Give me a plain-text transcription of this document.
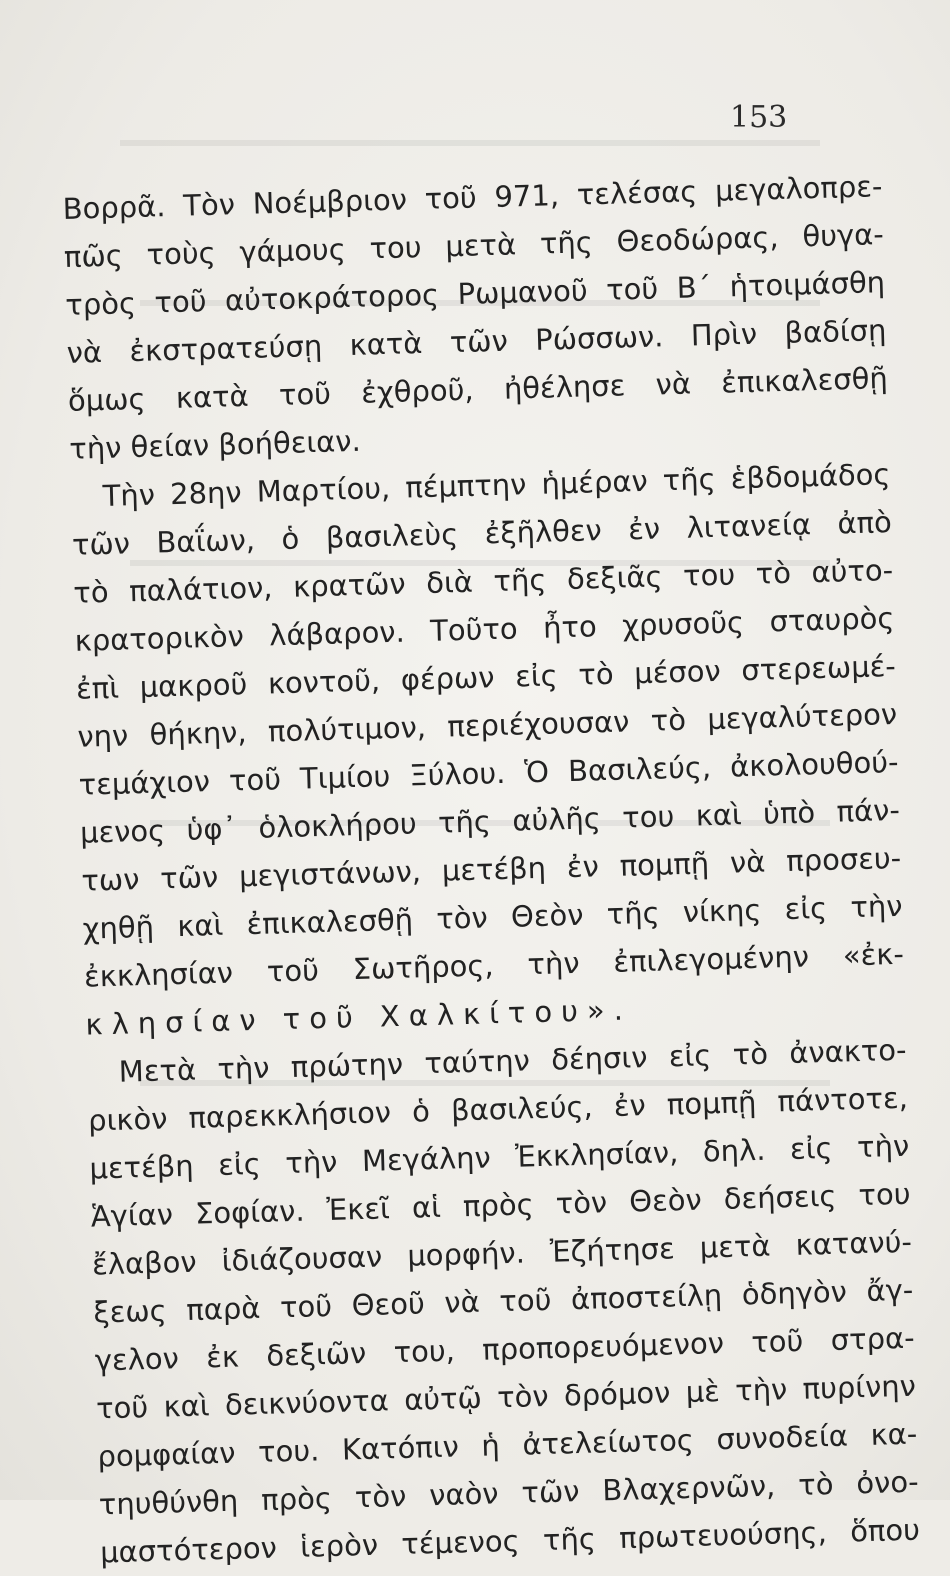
153
Βορρᾶ. Τὸν Νοέμβριον τοῦ 971, τελέσας μεγαλοπρε-
πῶς τοὺς γάμους του μετὰ τῆς Θεοδώρας, θυγα-
τρὸς τοῦ αὐτοκράτορος Ρωμανοῦ τοῦ Β΄ ἡτοιμάσθη
νὰ ἐκστρατεύσῃ κατὰ τῶν Ρώσσων. Πρὶν βαδίσῃ
ὅμως κατὰ τοῦ ἐχθροῦ, ἠθέλησε νὰ ἐπικαλεσθῇ
τὴν θείαν βοήθειαν.
Τὴν 28ην Μαρτίου, πέμπτην ἡμέραν τῆς ἑβδομάδος
τῶν Βαΐων, ὁ βασιλεὺς ἐξῆλθεν ἐν λιτανείᾳ ἀπὸ
τὸ παλάτιον, κρατῶν διὰ τῆς δεξιᾶς του τὸ αὐτο-
κρατορικὸν λάβαρον. Τοῦτο ἦτο χρυσοῦς σταυρὸς
ἐπὶ μακροῦ κοντοῦ, φέρων εἰς τὸ μέσον στερεωμέ-
νην θήκην, πολύτιμον, περιέχουσαν τὸ μεγαλύτερον
τεμάχιον τοῦ Τιμίου Ξύλου. Ὁ Βασιλεύς, ἀκολουθού-
μενος ὑφ᾽ ὁλοκλήρου τῆς αὐλῆς του καὶ ὑπὸ πάν-
των τῶν μεγιστάνων, μετέβη ἐν πομπῇ νὰ προσευ-
χηθῇ καὶ ἐπικαλεσθῇ τὸν Θεὸν τῆς νίκης εἰς τὴν
ἐκκλησίαν τοῦ Σωτῆρος, τὴν ἐπιλεγομένην «ἐκ-
κλησίαν τοῦ Χαλκίτου».
Μετὰ τὴν πρώτην ταύτην δέησιν εἰς τὸ ἀνακτο-
ρικὸν παρεκκλήσιον ὁ βασιλεύς, ἐν πομπῇ πάντοτε,
μετέβη εἰς τὴν Μεγάλην Ἐκκλησίαν, δηλ. εἰς τὴν
Ἁγίαν Σοφίαν. Ἐκεῖ αἱ πρὸς τὸν Θεὸν δεήσεις του
ἔλαβον ἰδιάζουσαν μορφήν. Ἐζήτησε μετὰ κατανύ-
ξεως παρὰ τοῦ Θεοῦ νὰ τοῦ ἀποστείλῃ ὁδηγὸν ἄγ-
γελον ἐκ δεξιῶν του, προπορευόμενον τοῦ στρα-
τοῦ καὶ δεικνύοντα αὐτῷ τὸν δρόμον μὲ τὴν πυρίνην
ρομφαίαν του. Κατόπιν ἡ ἀτελείωτος συνοδεία κα-
τηυθύνθη πρὸς τὸν ναὸν τῶν Βλαχερνῶν, τὸ ὀνο-
μαστότερον ἱερὸν τέμενος τῆς πρωτευούσης, ὅπου
